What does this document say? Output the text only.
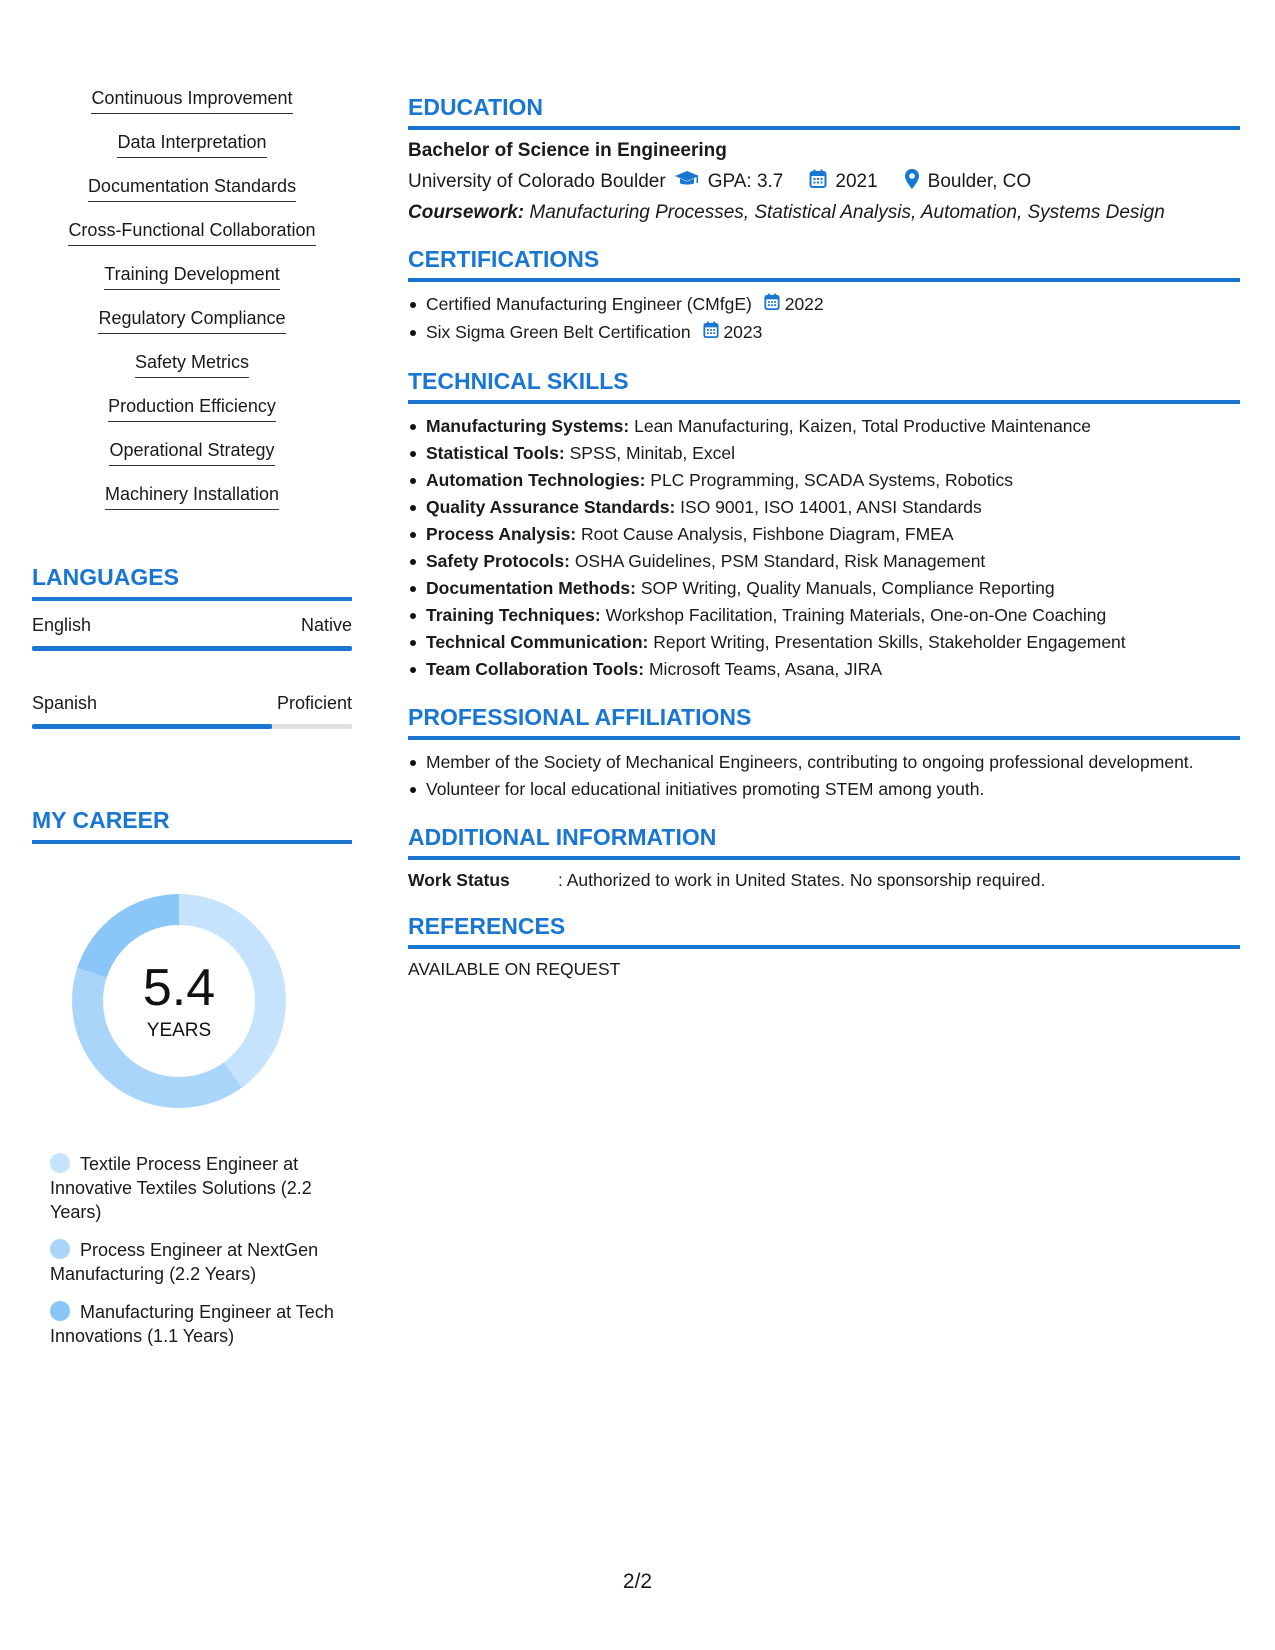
Continuous Improvement
Data Interpretation
Documentation Standards
Cross-Functional Collaboration
Training Development
Regulatory Compliance
Safety Metrics
Production Efficiency
Operational Strategy
Machinery Installation
LANGUAGES
English	Native
Spanish	Proficient
MY CAREER
5.4
YEARS
Textile Process Engineer at Innovative Textiles Solutions (2.2 Years)
Process Engineer at NextGen Manufacturing (2.2 Years)
Manufacturing Engineer at Tech Innovations (1.1 Years)
EDUCATION
Bachelor of Science in Engineering
University of Colorado Boulder GPA: 3.7	2021	Boulder, CO
Coursework: Manufacturing Processes, Statistical Analysis, Automation, Systems Design
CERTIFICATIONS
Certified Manufacturing Engineer (CMfgE) 2022
Six Sigma Green Belt Certification 2023
TECHNICAL SKILLS
Manufacturing Systems: Lean Manufacturing, Kaizen, Total Productive Maintenance
Statistical Tools: SPSS, Minitab, Excel
Automation Technologies: PLC Programming, SCADA Systems, Robotics
Quality Assurance Standards: ISO 9001, ISO 14001, ANSI Standards
Process Analysis: Root Cause Analysis, Fishbone Diagram, FMEA
Safety Protocols: OSHA Guidelines, PSM Standard, Risk Management
Documentation Methods: SOP Writing, Quality Manuals, Compliance Reporting
Training Techniques: Workshop Facilitation, Training Materials, One-on-One Coaching
Technical Communication: Report Writing, Presentation Skills, Stakeholder Engagement
Team Collaboration Tools: Microsoft Teams, Asana, JIRA
PROFESSIONAL AFFILIATIONS
Member of the Society of Mechanical Engineers, contributing to ongoing professional development.
Volunteer for local educational initiatives promoting STEM among youth.
ADDITIONAL INFORMATION
Work Status	: Authorized to work in United States. No sponsorship required.
REFERENCES
AVAILABLE ON REQUEST
2/2
